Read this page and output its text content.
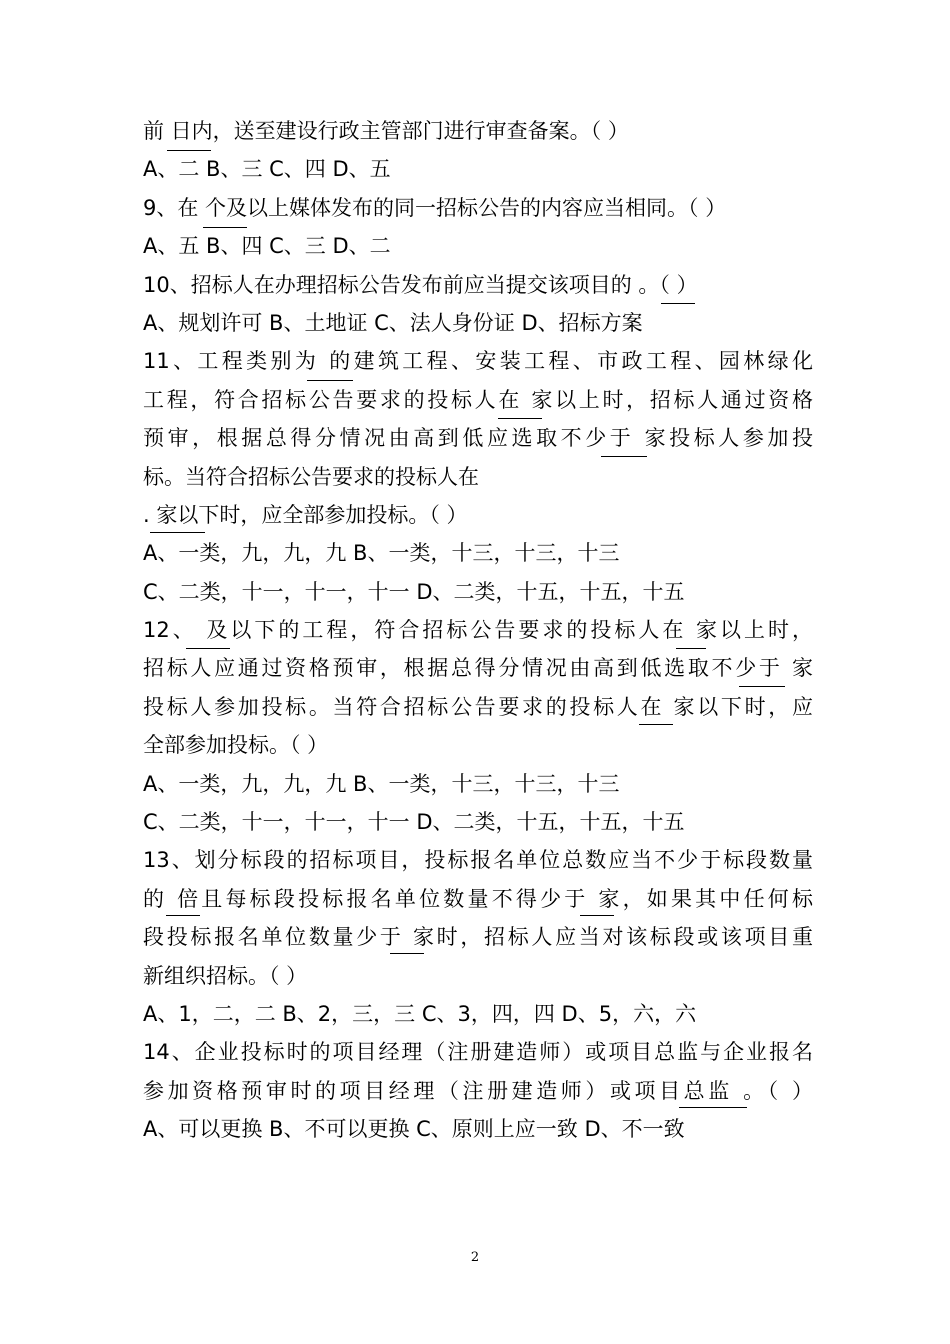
前 日内，送至建设行政主管部门进行审查备案。（ ）
A、二 B、三 C、四 D、五
9、在 个及以上媒体发布的同一招标公告的内容应当相同。（ ）
A、五 B、四 C、三 D、二
10、招标人在办理招标公告发布前应当提交该项目的 。（ ）
A、规划许可 B、土地证 C、法人身份证 D、招标方案
11、工程类别为 的建筑工程、安装工程、市政工程、园林绿化
工程，符合招标公告要求的投标人在 家以上时，招标人通过资格
预审，根据总得分情况由高到低应选取不少于 家投标人参加投
标。当符合招标公告要求的投标人在
. 家以下时，应全部参加投标。（ ）
A、一类，九，九，九 B、一类，十三，十三，十三
C、二类，十一，十一，十一 D、二类，十五，十五，十五
12、 及以下的工程，符合招标公告要求的投标人在 家以上时，
招标人应通过资格预审，根据总得分情况由高到低选取不少于 家
投标人参加投标。当符合招标公告要求的投标人在 家以下时，应
全部参加投标。（ ）
A、一类，九，九，九 B、一类，十三，十三，十三
C、二类，十一，十一，十一 D、二类，十五，十五，十五
13、划分标段的招标项目，投标报名单位总数应当不少于标段数量
的 倍且每标段投标报名单位数量不得少于 家，如果其中任何标
段投标报名单位数量少于 家时，招标人应当对该标段或该项目重
新组织招标。（ ）
A、1，二，二 B、2，三，三 C、3，四，四 D、5，六，六
14、企业投标时的项目经理（注册建造师）或项目总监与企业报名
参加资格预审时的项目经理（注册建造师）或项目总监 。（ ）
A、可以更换 B、不可以更换 C、原则上应一致 D、不一致
2
